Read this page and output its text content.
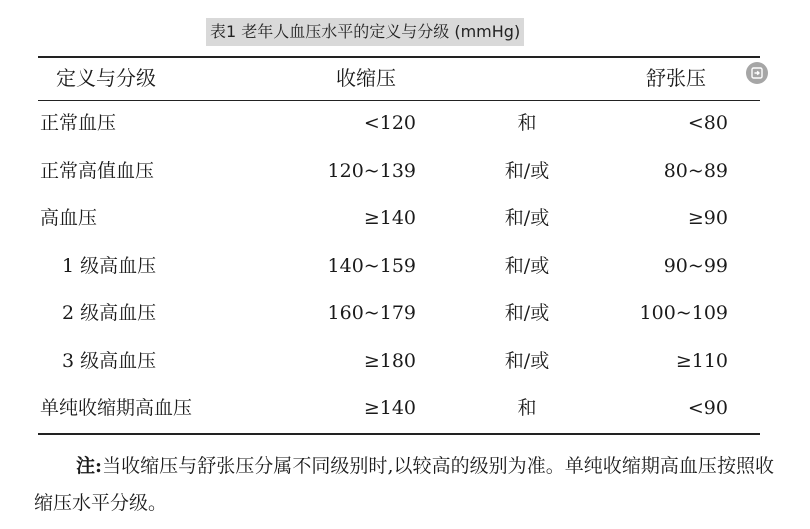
表1 老年人血压水平的定义与分级 (mmHg)
定义与分级	收缩压	舒张压
正常血压	<120	和	<80
正常高值血压	120~139	和/或	80~89
高血压	≥140	和/或	≥90
1 级高血压	140~159	和/或	90~99
2 级高血压	160~179	和/或	100~109
3 级高血压	≥180	和/或	≥110
单纯收缩期高血压	≥140	和	<90
注:当收缩压与舒张压分属不同级别时,以较高的级别为准。单纯收缩期高血压按照收缩压水平分级。
